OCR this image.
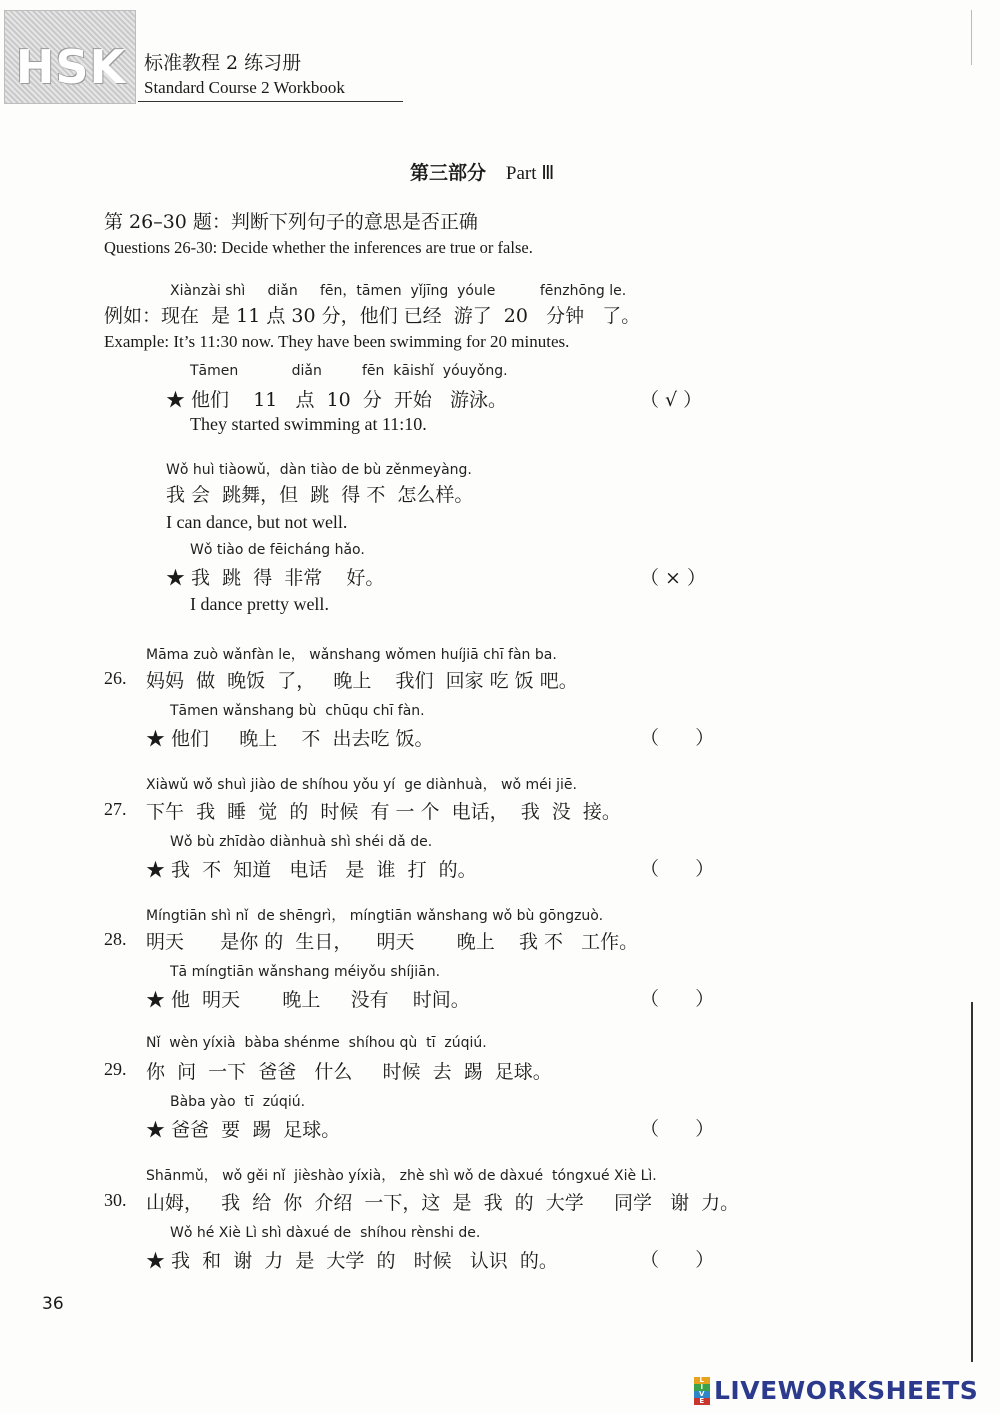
HSK 标准教程 2 练习册
Standard Course 2 Workbook
第三部分 Part Ⅲ
第 26–30 题：判断下列句子的意思是否正确
Questions 26-30: Decide whether the inferences are true or false.
Xiànzài shì     diǎn     fēn，tāmen  yǐjīng  yóule          fēnzhōng le.
例如：现在  是 11 点 30 分，他们 已经  游了  20   分钟   了。
Example: It’s 11:30 now. They have been swimming for 20 minutes.
Tāmen            diǎn         fēn  kāishǐ  yóuyǒng.
★ 他们    11   点  10  分  开始   游泳。	（ √ ）
They started swimming at 11:10.
Wǒ huì tiàowǔ，dàn tiào de bù zěnmeyàng.
我 会  跳舞，但  跳  得 不  怎么样。
I can dance, but not well.
Wǒ tiào de fēicháng hǎo.
★ 我  跳  得  非常    好。	（ × ）
I dance pretty well.
Māma zuò wǎnfàn le， wǎnshang wǒmen huíjiā chī fàn ba.
26. 妈妈  做  晚饭  了，   晚上    我们  回家 吃 饭 吧。
Tāmen wǎnshang bù  chūqu chī fàn.
★ 他们     晚上    不  出去吃 饭。	（      ）
Xiàwǔ wǒ shuì jiào de shíhou yǒu yí  ge diànhuà， wǒ méi jiē.
27. 下午  我  睡  觉  的  时候  有 一 个  电话，  我  没  接。
Wǒ bù zhīdào diànhuà shì shéi dǎ de.
★ 我  不  知道   电话   是  谁  打  的。	（      ）
Míngtiān shì nǐ  de shēngrì， míngtiān wǎnshang wǒ bù gōngzuò.
28. 明天      是你 的  生日，    明天       晚上    我 不   工作。
Tā míngtiān wǎnshang méiyǒu shíjiān.
★ 他  明天       晚上     没有    时间。	（      ）
Nǐ  wèn yíxià  bàba shénme  shíhou qù  tī  zúqiú.
29. 你  问  一下  爸爸   什么     时候  去  踢  足球。
Bàba yào  tī  zúqiú.
★ 爸爸  要  踢  足球。	（      ）
Shānmǔ， wǒ gěi nǐ  jièshào yíxià， zhè shì wǒ de dàxué  tóngxué Xiè Lì.
30. 山姆，   我  给  你  介绍  一下，这  是  我  的  大学     同学   谢  力。
Wǒ hé Xiè Lì shì dàxué de  shíhou rènshi de.
★ 我  和  谢  力  是  大学  的   时候   认识  的。	（      ）
36
L
I
V
E LIVEWORKSHEETS
